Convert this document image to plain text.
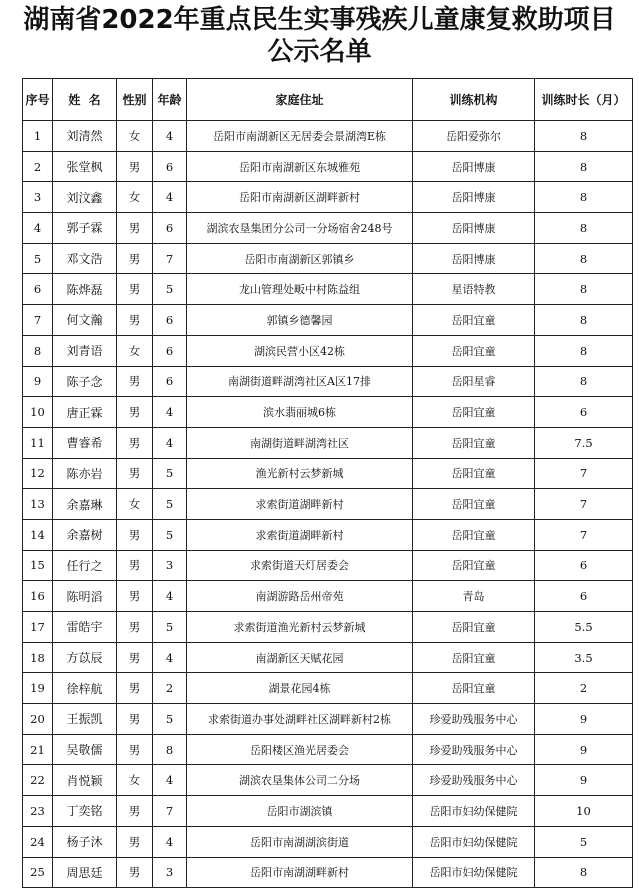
湖南省2022年重点民生实事残疾儿童康复救助项目
公示名单
序号	姓  名	性别	年龄	家庭住址	训练机构	训练时长（月）
1	刘清然	女	4	岳阳市南湖新区无居委会景湖湾E栋	岳阳爱弥尔	8
2	张堂枫	男	6	岳阳市南湖新区东城雅苑	岳阳博康	8
3	刘汶鑫	女	4	岳阳市南湖新区湖畔新村	岳阳博康	8
4	郭子霖	男	6	湖滨农垦集团分公司一分场宿舍248号	岳阳博康	8
5	邓文浩	男	7	岳阳市南湖新区郭镇乡	岳阳博康	8
6	陈烨磊	男	5	龙山管理处畈中村陈益组	星语特教	8
7	何文瀚	男	6	郭镇乡德馨园	岳阳宜童	8
8	刘青语	女	6	湖滨民营小区42栋	岳阳宜童	8
9	陈子念	男	6	南湖街道畔湖湾社区A区17排	岳阳星睿	8
10	唐正霖	男	4	滨水翡丽城6栋	岳阳宜童	6
11	曹睿希	男	4	南湖街道畔湖湾社区	岳阳宜童	7.5
12	陈亦岩	男	5	渔光新村云梦新城	岳阳宜童	7
13	余嘉琳	女	5	求索街道湖畔新村	岳阳宜童	7
14	余嘉树	男	5	求索街道湖畔新村	岳阳宜童	7
15	任行之	男	3	求索街道天灯居委会	岳阳宜童	6
16	陈明滔	男	4	南湖游路岳州帝苑	青岛	6
17	雷皓宇	男	5	求索街道渔光新村云梦新城	岳阳宜童	5.5
18	方苡辰	男	4	南湖新区天赋花园	岳阳宜童	3.5
19	徐梓航	男	2	湖景花园4栋	岳阳宜童	2
20	王振凯	男	5	求索街道办事处湖畔社区湖畔新村2栋	珍爱助残服务中心	9
21	吴敬儒	男	8	岳阳楼区渔光居委会	珍爱助残服务中心	9
22	肖悦颖	女	4	湖滨农垦集体公司二分场	珍爱助残服务中心	9
23	丁奕铭	男	7	岳阳市湖滨镇	岳阳市妇幼保健院	10
24	杨子沐	男	4	岳阳市南湖湖滨街道	岳阳市妇幼保健院	5
25	周思廷	男	3	岳阳市南湖湖畔新村	岳阳市妇幼保健院	8
